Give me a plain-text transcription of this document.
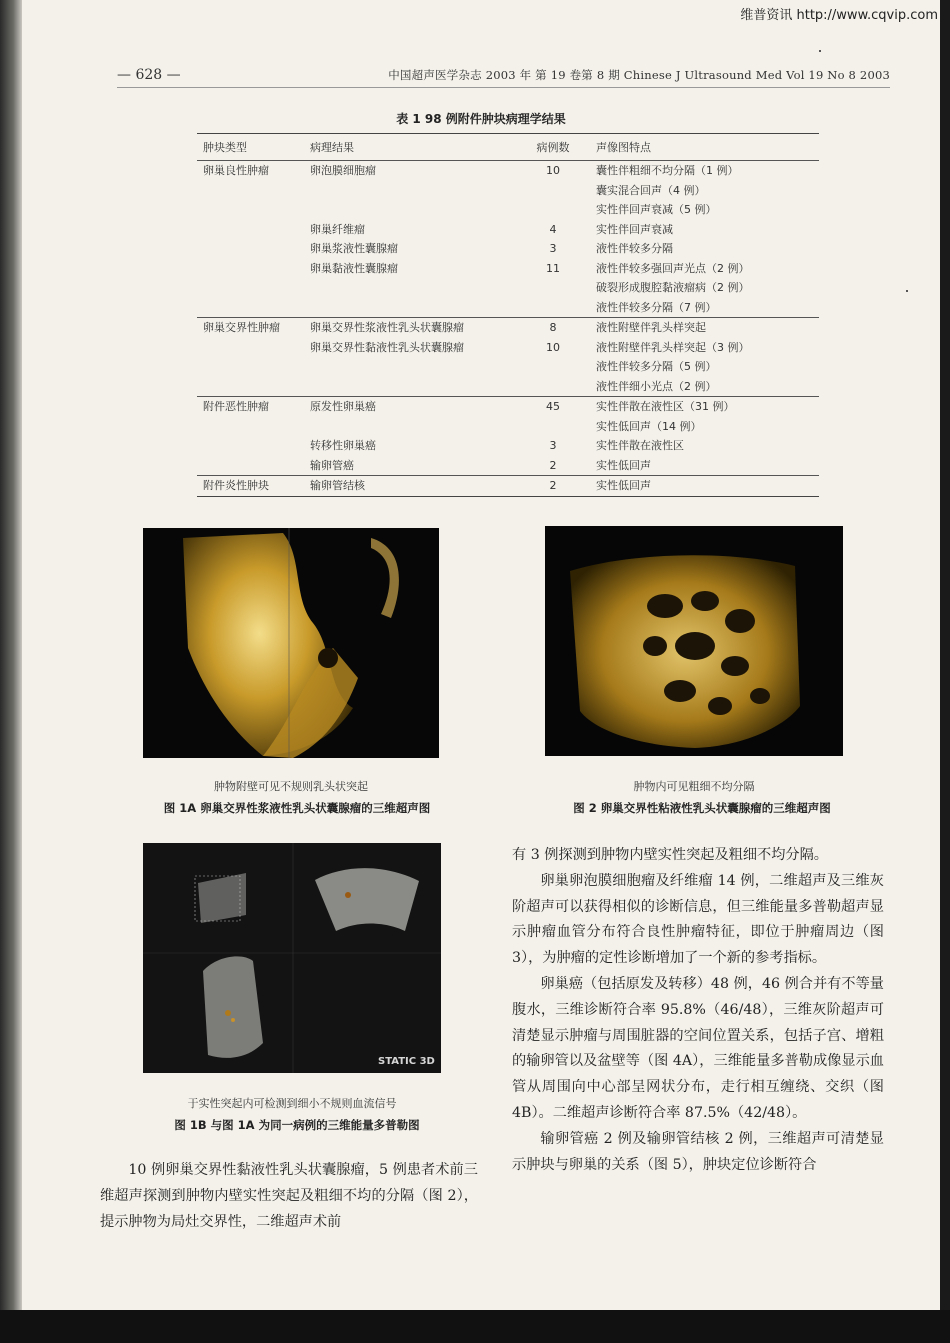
— 628 —	中国超声医学杂志 2003 年 第 19 卷第 8 期 Chinese J Ultrasound Med Vol 19 No 8 2003
表 1 98 例附件肿块病理学结果
肿块类型	病理结果	病例数	声像图特点
卵巢良性肿瘤	卵泡膜细胞瘤	10	囊性伴粗细不均分隔（1 例）
			囊实混合回声（4 例）
			实性伴回声衰减（5 例）
	卵巢纤维瘤	4	实性伴回声衰减
	卵巢浆液性囊腺瘤	3	液性伴较多分隔
	卵巢黏液性囊腺瘤	11	液性伴较多强回声光点（2 例）
			破裂形成腹腔黏液瘤病（2 例）
			液性伴较多分隔（7 例）
卵巢交界性肿瘤	卵巢交界性浆液性乳头状囊腺瘤	8	液性附壁伴乳头样突起
	卵巢交界性黏液性乳头状囊腺瘤	10	液性附壁伴乳头样突起（3 例）
			液性伴较多分隔（5 例）
			液性伴细小光点（2 例）
附件恶性肿瘤	原发性卵巢癌	45	实性伴散在液性区（31 例）
			实性低回声（14 例）
	转移性卵巢癌	3	实性伴散在液性区
	输卵管癌	2	实性低回声
附件炎性肿块	输卵管结核	2	实性低回声
肿物附壁可见不规则乳头状突起
图 1A 卵巢交界性浆液性乳头状囊腺瘤的三维超声图
肿物内可见粗细不均分隔
图 2 卵巢交界性粘液性乳头状囊腺瘤的三维超声图
STATIC 3D
于实性突起内可检测到细小不规则血流信号
图 1B 与图 1A 为同一病例的三维能量多普勒图

10 例卵巢交界性黏液性乳头状囊腺瘤，5 例患者术前三维超声探测到肿物内壁实性突起及粗细不均的分隔（图 2），提示肿物为局灶交界性，二维超声术前

有 3 例探测到肿物内壁实性突起及粗细不均分隔。

卵巢卵泡膜细胞瘤及纤维瘤 14 例，二维超声及三维灰阶超声可以获得相似的诊断信息，但三维能量多普勒超声显示肿瘤血管分布符合良性肿瘤特征，即位于肿瘤周边（图 3），为肿瘤的定性诊断增加了一个新的参考指标。

卵巢癌（包括原发及转移）48 例，46 例合并有不等量腹水，三维诊断符合率 95.8%（46/48），三维灰阶超声可清楚显示肿瘤与周围脏器的空间位置关系，包括子宫、增粗的输卵管以及盆壁等（图 4A），三维能量多普勒成像显示血管从周围向中心部呈网状分布，走行相互缠绕、交织（图 4B）。二维超声诊断符合率 87.5%（42/48）。

输卵管癌 2 例及输卵管结核 2 例，三维超声可清楚显示肿块与卵巢的关系（图 5），肿块定位诊断符合

维普资讯 http://www.cqvip.com
